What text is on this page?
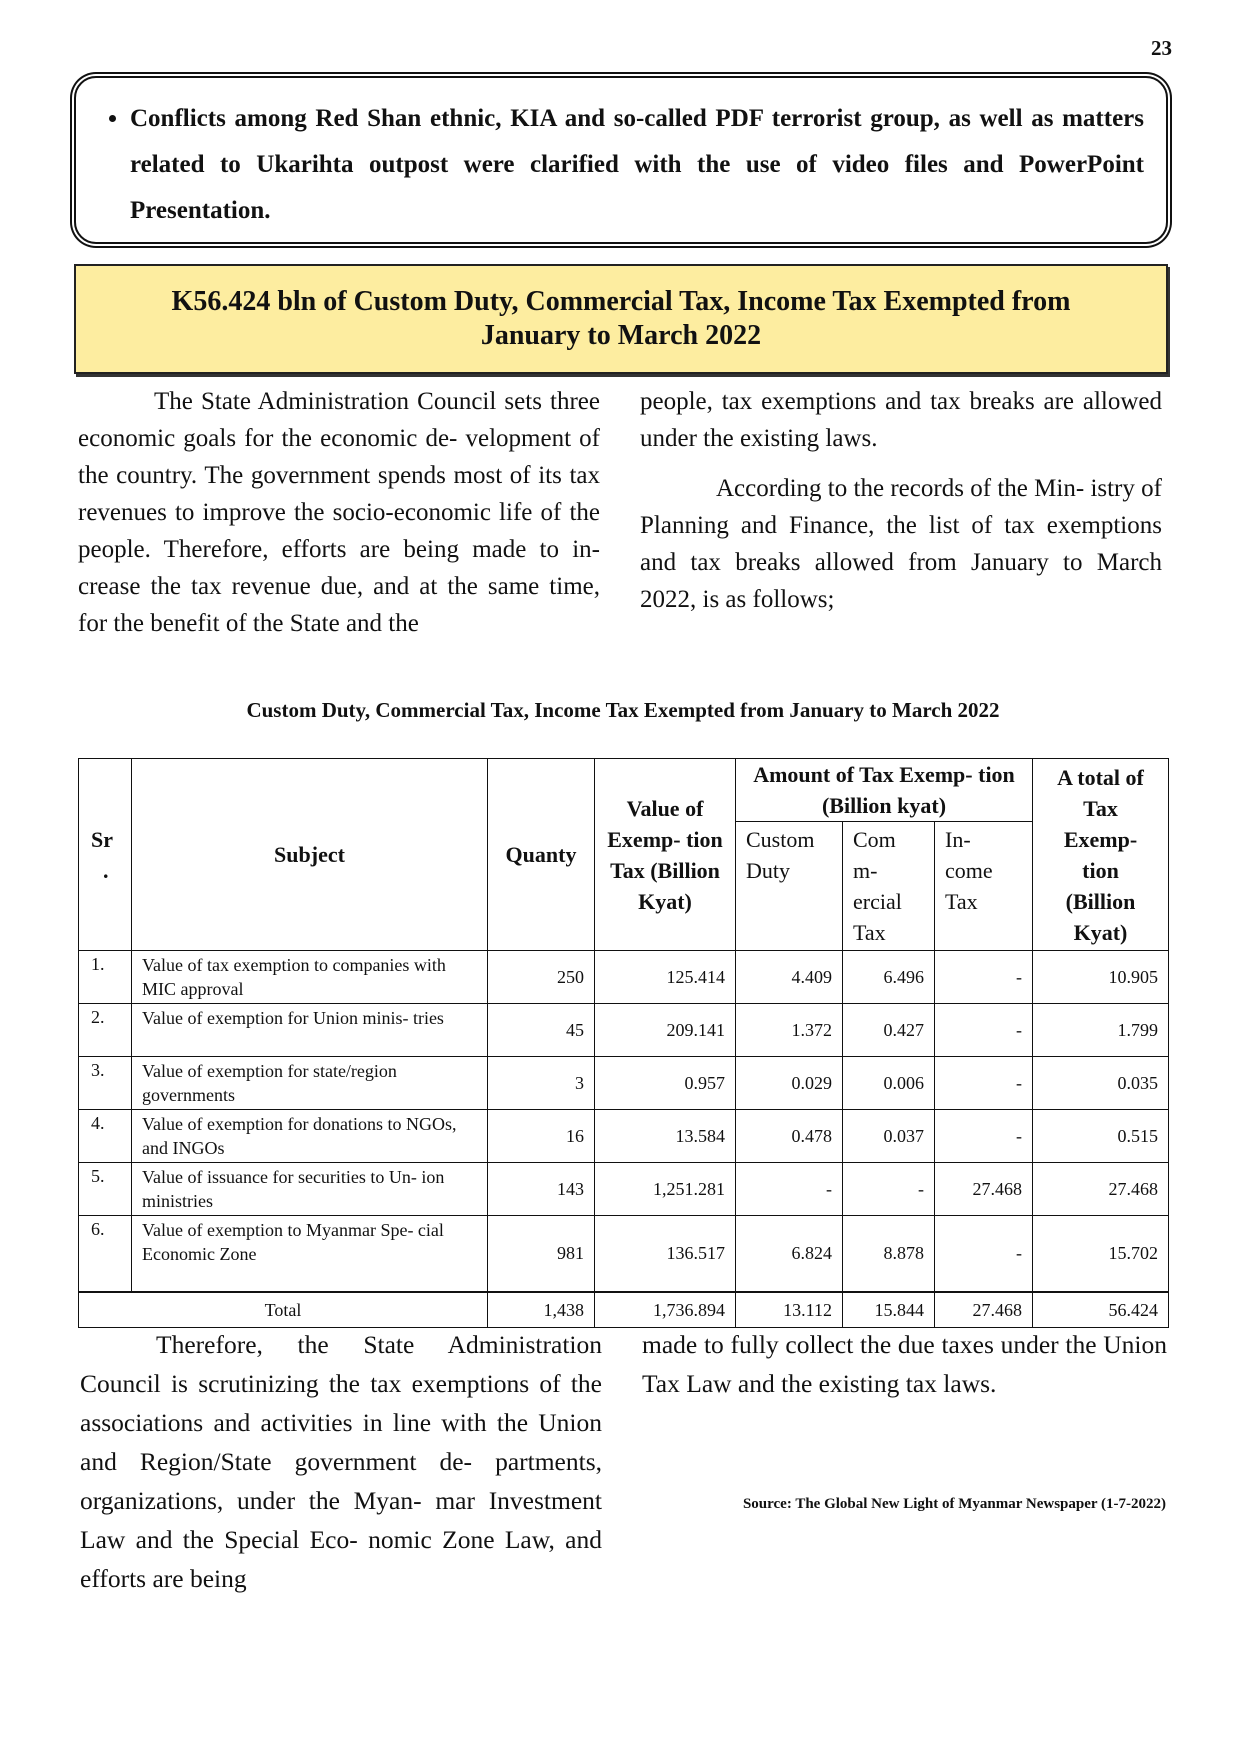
23
• Conflicts among Red Shan ethnic, KIA and so-called PDF terrorist group, as well as matters related to Ukarihta outpost were clarified with the use of video files and PowerPoint Presentation.
K56.424 bln of Custom Duty, Commercial Tax, Income Tax Exempted from
January to March 2022

The State Administration Council sets three economic goals for the economic de- velopment of the country. The government spends most of its tax revenues to improve the socio-economic life of the people. Therefore, efforts are being made to in- crease the tax revenue due, and at the same time, for the benefit of the State and the

people, tax exemptions and tax breaks are allowed under the existing laws.

According to the records of the Min- istry of Planning and Finance, the list of tax exemptions and tax breaks allowed from January to March 2022, is as follows;

Custom Duty, Commercial Tax, Income Tax Exempted from January to March 2022
Sr
.	Subject	Quanty	Value of Exemp- tion Tax (Billion Kyat)	Amount of Tax Exemp- tion (Billion kyat)			A total of Tax Exemp- tion (Billion Kyat)
				Custom Duty	Com m- ercial Tax	In- come Tax	
1.	Value of tax exemption to companies with MIC approval	250	125.414	4.409	6.496	-	10.905
2.	Value of exemption for Union minis- tries	45	209.141	1.372	0.427	-	1.799
3.	Value of exemption for state/region governments	3	0.957	0.029	0.006	-	0.035
4.	Value of exemption for donations to NGOs, and INGOs	16	13.584	0.478	0.037	-	0.515
5.	Value of issuance for securities to Un- ion ministries	143	1,251.281	-	-	27.468	27.468
6.	Value of exemption to Myanmar Spe- cial Economic Zone	981	136.517	6.824	8.878	-	15.702
Total		1,438	1,736.894	13.112	15.844	27.468	56.424

Therefore, the State Administration Council is scrutinizing the tax exemptions of the associations and activities in line with the Union and Region/State government de- partments, organizations, under the Myan- mar Investment Law and the Special Eco- nomic Zone Law, and efforts are being

made to fully collect the due taxes under the Union Tax Law and the existing tax laws.

Source: The Global New Light of Myanmar Newspaper (1-7-2022)
